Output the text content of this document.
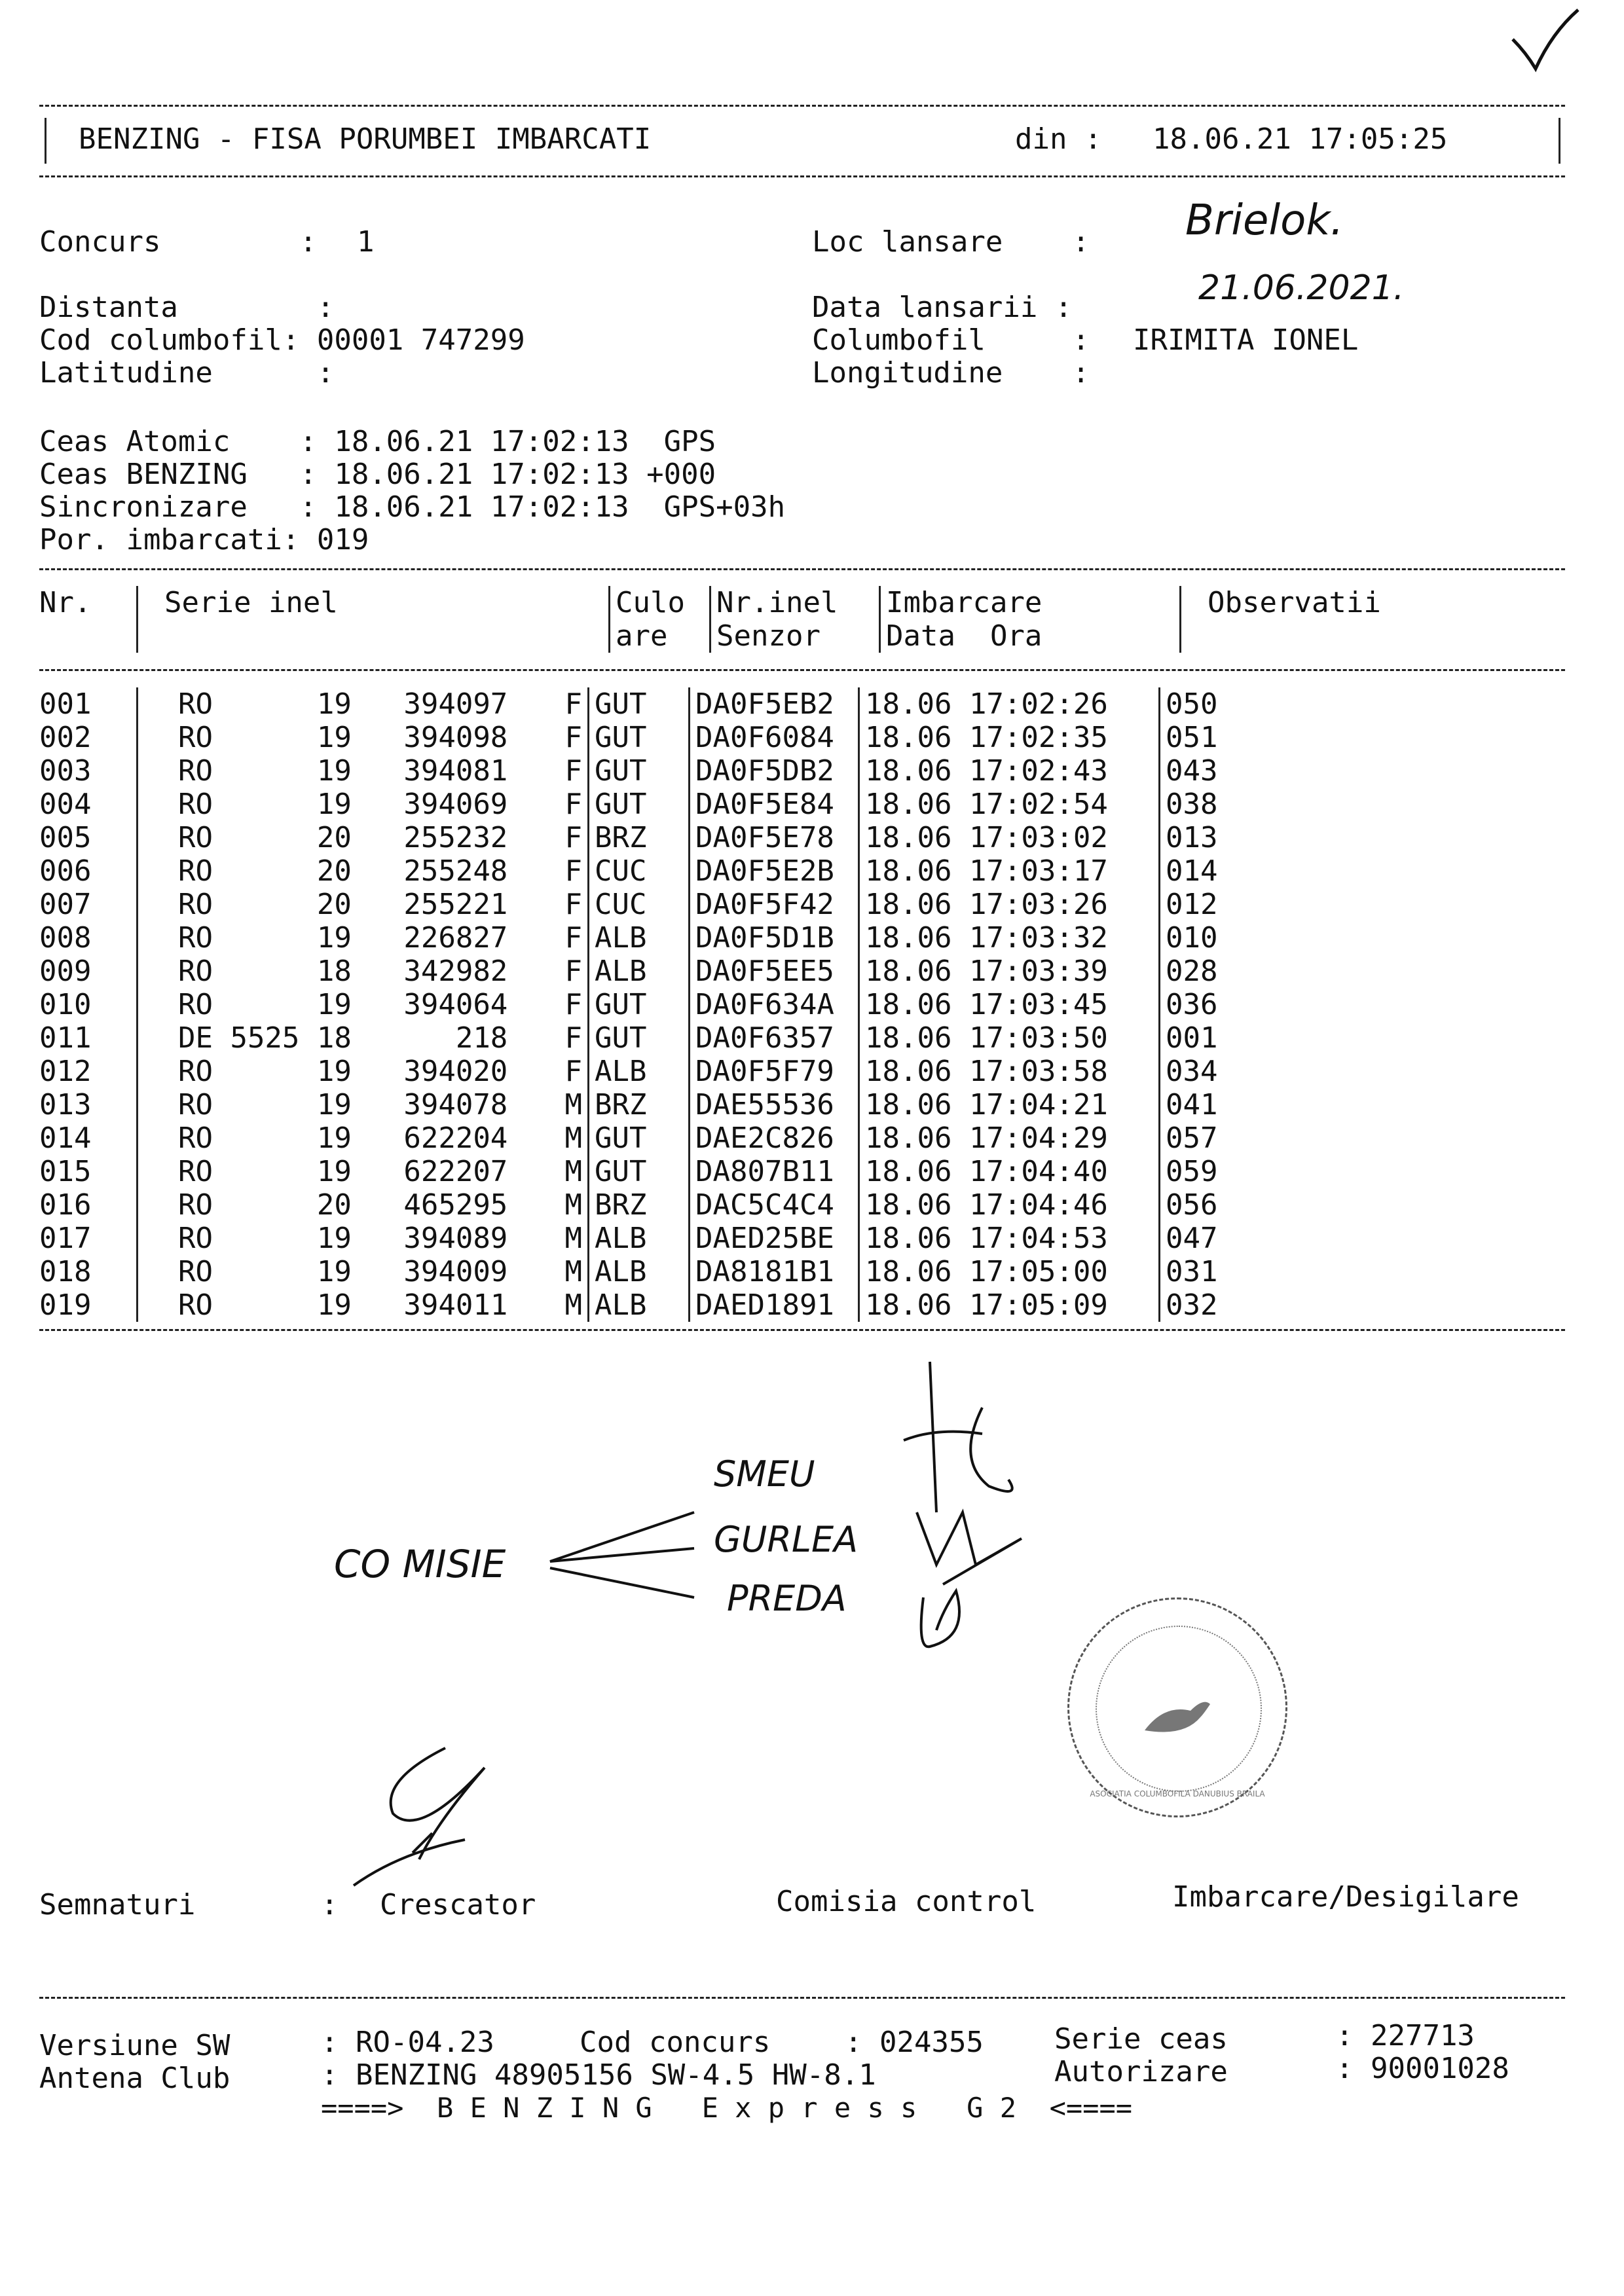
BENZING - FISA PORUMBEI IMBARCATI	din : 18.06.21 17:05:25
Concurs        : 1	Loc lansare    : Brielok.
Distanta        :	Data lansarii :	21.06.2021.
Cod columbofil: 00001 747299	Columbofil     : IRIMITA IONEL
Latitudine      :	Longitudine    :
Ceas Atomic    : 18.06.21 17:02:13  GPS
Ceas BENZING   : 18.06.21 17:02:13 +000
Sincronizare   : 18.06.21 17:02:13  GPS+03h
Por. imbarcati: 019
Nr.	Serie inel	Culo	Nr.inel	Imbarcare	Observatii
		are	Senzor	Data  Ora	
001	RO      19   394097 F	GUT	DA0F5EB2	18.06 17:02:26	050
002	RO      19   394098 F	GUT	DA0F6084	18.06 17:02:35	051
003	RO      19   394081 F	GUT	DA0F5DB2	18.06 17:02:43	043
004	RO      19   394069 F	GUT	DA0F5E84	18.06 17:02:54	038
005	RO      20   255232 F	BRZ	DA0F5E78	18.06 17:03:02	013
006	RO      20   255248 F	CUC	DA0F5E2B	18.06 17:03:17	014
007	RO      20   255221 F	CUC	DA0F5F42	18.06 17:03:26	012
008	RO      19   226827 F	ALB	DA0F5D1B	18.06 17:03:32	010
009	RO      18   342982 F	ALB	DA0F5EE5	18.06 17:03:39	028
010	RO      19   394064 F	GUT	DA0F634A	18.06 17:03:45	036
011	DE 5525 18      218 F	GUT	DA0F6357	18.06 17:03:50	001
012	RO      19   394020 F	ALB	DA0F5F79	18.06 17:03:58	034
013	RO      19   394078 M	BRZ	DAE55536	18.06 17:04:21	041
014	RO      19   622204 M	GUT	DAE2C826	18.06 17:04:29	057
015	RO      19   622207 M	GUT	DA807B11	18.06 17:04:40	059
016	RO      20   465295 M	BRZ	DAC5C4C4	18.06 17:04:46	056
017	RO      19   394089 M	ALB	DAED25BE	18.06 17:04:53	047
018	RO      19   394009 M	ALB	DA8181B1	18.06 17:05:00	031
019	RO      19   394011 M	ALB	DAED1891	18.06 17:05:09	032
CO MISIE
SMEU
GURLEA
PREDA
ASOCIATIA COLUMBOFILA DANUBIUS BRAILA
Semnaturi	: Crescator	Comisia control	Imbarcare/Desigilare
Versiune SW	: RO-04.23	Cod concurs	: 024355 Serie ceas	: 227713
Antena Club	: BENZING 48905156 SW-4.5 HW-8.1	Autorizare	: 90001028
====>  B E N Z I N G   E x p r e s s   G 2  <====
